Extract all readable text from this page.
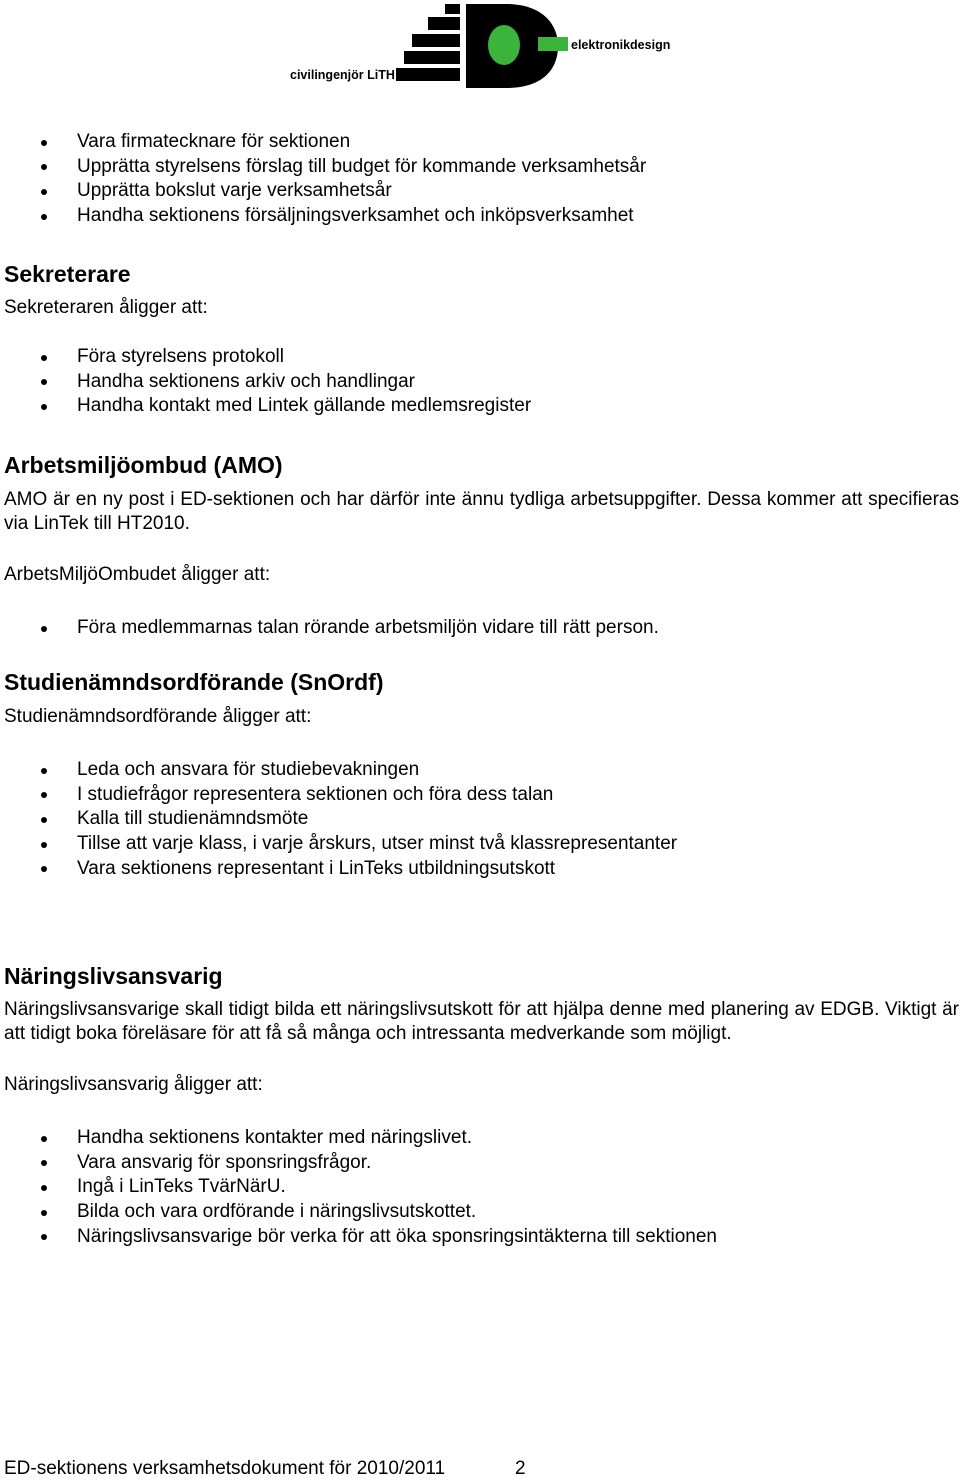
civilingenjör LiTH
elektronikdesign
Vara firmatecknare för sektionen
Upprätta styrelsens förslag till budget för kommande verksamhetsår
Upprätta bokslut varje verksamhetsår
Handha sektionens försäljningsverksamhet och inköpsverksamhet
Sekreterare

Sekreteraren åligger att:

Föra styrelsens protokoll
Handha sektionens arkiv och handlingar
Handha kontakt med Lintek gällande medlemsregister
Arbetsmiljöombud (AMO)

AMO är en ny post i ED-sektionen och har därför inte ännu tydliga arbetsuppgifter. Dessa kommer att specifieras via LinTek till HT2010.

ArbetsMiljöOmbudet åligger att:

Föra medlemmarnas talan rörande arbetsmiljön vidare till rätt person.
Studienämndsordförande (SnOrdf)

Studienämndsordförande åligger att:

Leda och ansvara för studiebevakningen
I studiefrågor representera sektionen och föra dess talan
Kalla till studienämndsmöte
Tillse att varje klass, i varje årskurs, utser minst två klassrepresentanter
Vara sektionens representant i LinTeks utbildningsutskott
Näringslivsansvarig

Näringslivsansvarige skall tidigt bilda ett näringslivsutskott för att hjälpa denne med planering av EDGB. Viktigt är att tidigt boka föreläsare för att få så många och intressanta medverkande som möjligt.

Näringslivsansvarig åligger att:

Handha sektionens kontakter med näringslivet.
Vara ansvarig för sponsringsfrågor.
Ingå i LinTeks TvärNärU.
Bilda och vara ordförande i näringslivsutskottet.
Näringslivsansvarige bör verka för att öka sponsringsintäkterna till sektionen
ED-sektionens verksamhetsdokument för 2010/2011	2
